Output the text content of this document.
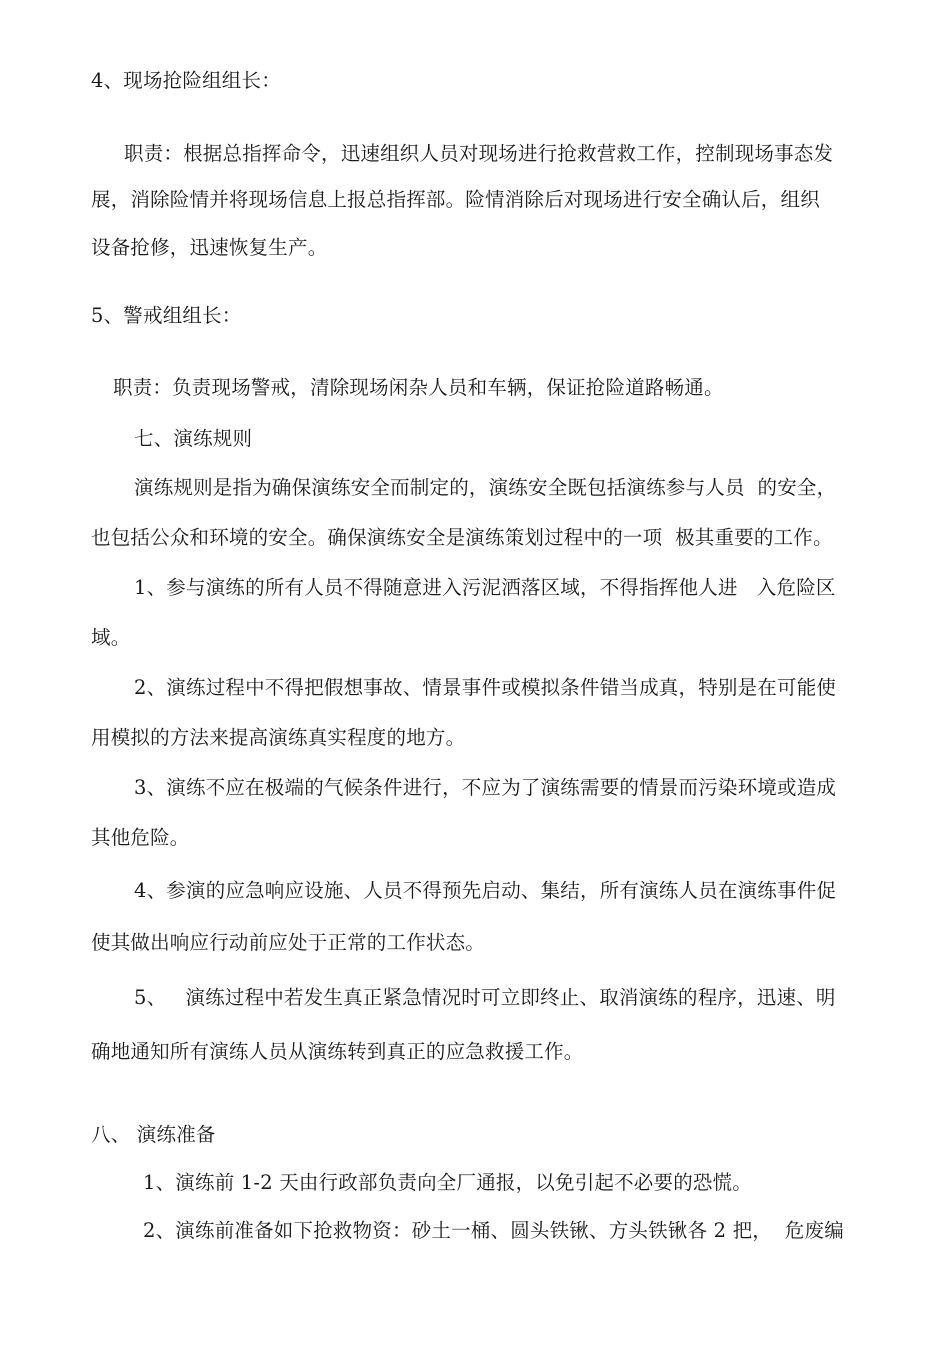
4、现场抢险组组长：
职责：根据总指挥命令，迅速组织人员对现场进行抢救营救工作，控制现场事态发
展，消除险情并将现场信息上报总指挥部。险情消除后对现场进行安全确认后，组织
设备抢修，迅速恢复生产。
5、警戒组组长：
职责：负责现场警戒，清除现场闲杂人员和车辆，保证抢险道路畅通。
七、演练规则
演练规则是指为确保演练安全而制定的，演练安全既包括演练参与人员  的安全，
也包括公众和环境的安全。确保演练安全是演练策划过程中的一项  极其重要的工作。
1、参与演练的所有人员不得随意进入污泥洒落区域，不得指挥他人进   入危险区
域。
2、演练过程中不得把假想事故、情景事件或模拟条件错当成真，特别是在可能使
用模拟的方法来提高演练真实程度的地方。
3、演练不应在极端的气候条件进行，不应为了演练需要的情景而污染环境或造成
其他危险。
4、参演的应急响应设施、人员不得预先启动、集结，所有演练人员在演练事件促
使其做出响应行动前应处于正常的工作状态。
5、   演练过程中若发生真正紧急情况时可立即终止、取消演练的程序，迅速、明
确地通知所有演练人员从演练转到真正的应急救援工作。
八、 演练准备
1、演练前 1-2 天由行政部负责向全厂通报，以免引起不必要的恐慌。
2、演练前准备如下抢救物资：砂土一桶、圆头铁锹、方头铁锹各 2 把，  危废编
